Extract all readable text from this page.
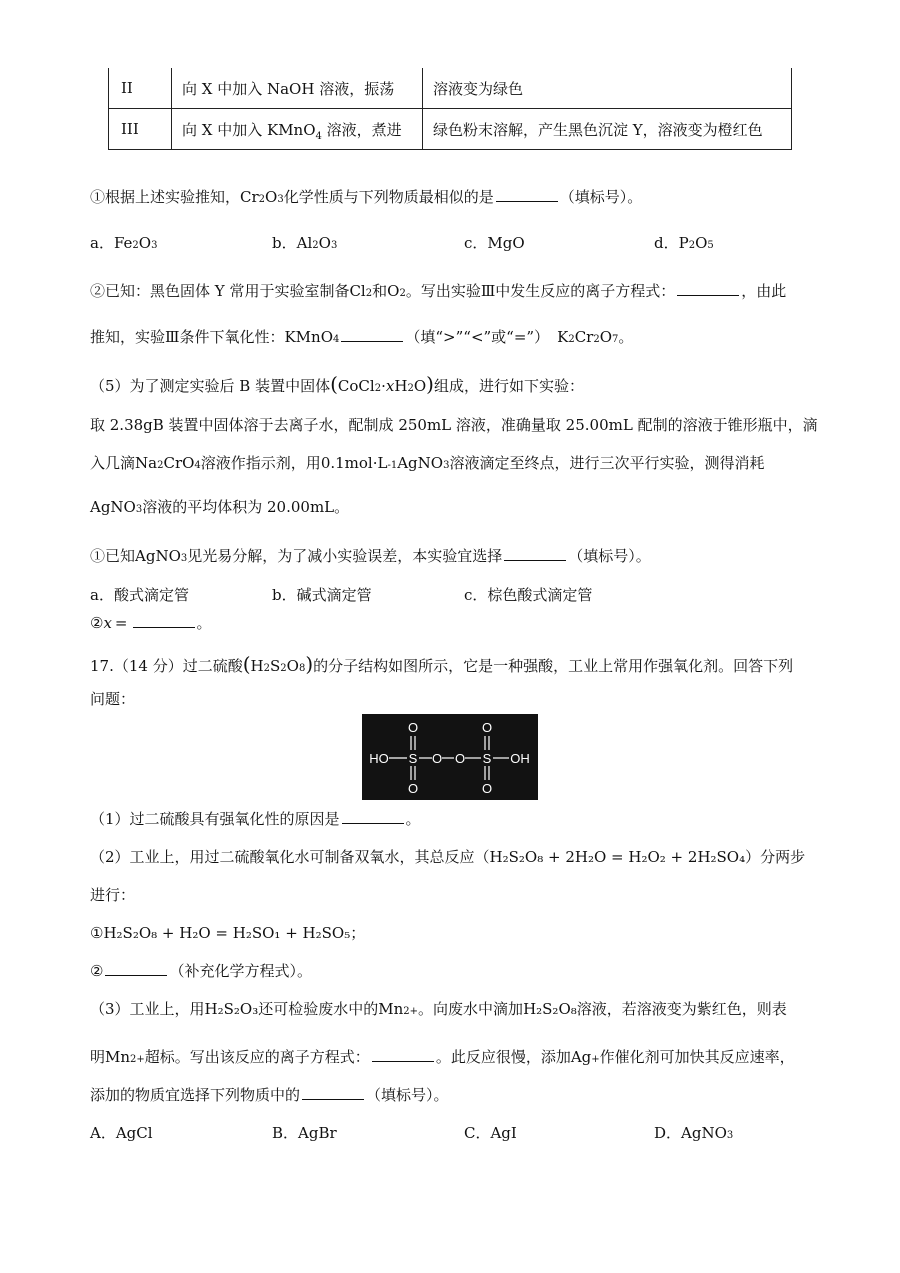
II	向 X 中加入 NaOH 溶液，振荡	溶液变为绿色
III	向 X 中加入 KMnO$_4$ 溶液，煮进	绿色粉末溶解，产生黑色沉淀 Y，溶液变为橙红色
①根据上述实验推知， Cr 2 O 3 化学性质与下列物质最相似的是	（填标号）。
a． Fe 2 O 3	b． Al 2 O 3	c． MgO	d． P 2 O 5
②已知：黑色固体 Y 常用于实验室制备 Cl 2 和 O 2 。写出实验Ⅲ中发生反应的离子方程式：	，由此
推知，实验Ⅲ条件下氧化性： KMnO 4	（填“>”“<”或“=”） K 2 Cr 2 O 7 。
（5）为了测定实验后 B 装置中固体 ( CoCl 2 · x H 2 O ) 组成，进行如下实验：
取 2.38gB 装置中固体溶于去离子水，配制成 250mL 溶液，准确量取 25.00mL 配制的溶液于锥形瓶中，滴
入几滴 Na 2 CrO 4 溶液作指示剂，用 0.1mol·L -1 AgNO 3 溶液滴定至终点，进行三次平行实验，测得消耗
AgNO 3 溶液的平均体积为 20.00mL。
①已知 AgNO 3 见光易分解，为了减小实验误差，本实验宜选择	（填标号）。
a．酸式滴定管	b．碱式滴定管	c．棕色酸式滴定管
② x =	。
17.（14 分）过二硫酸 ( H 2 S 2 O 8 ) 的分子结构如图所示，它是一种强酸，工业上常用作强氧化剂。回答下列
问题：
HO S O O S OH
O
O
O
O
（1）过二硫酸具有强氧化性的原因是	。
（2）工业上，用过二硫酸氧化水可制备双氧水，其总反应（ H₂S₂O₈ + 2H₂O = H₂O₂ + 2H₂SO₄ ）分两步
进行：
① H₂S₂O₈ + H₂O = H₂SO₁ + H₂SO₅ ；
②	（补充化学方程式）。
（3）工业上，用 H₂S₂O₃ 还可检验废水中的 Mn 2+ 。向废水中滴加 H₂S₂O₈ 溶液，若溶液变为紫红色，则表
明 Mn 2+ 超标。写出该反应的离子方程式：	。此反应很慢，添加 Ag + 作催化剂可加快其反应速率，
添加的物质宜选择下列物质中的	（填标号）。
A．AgCl	B．AgBr	C．AgI	D． AgNO 3
